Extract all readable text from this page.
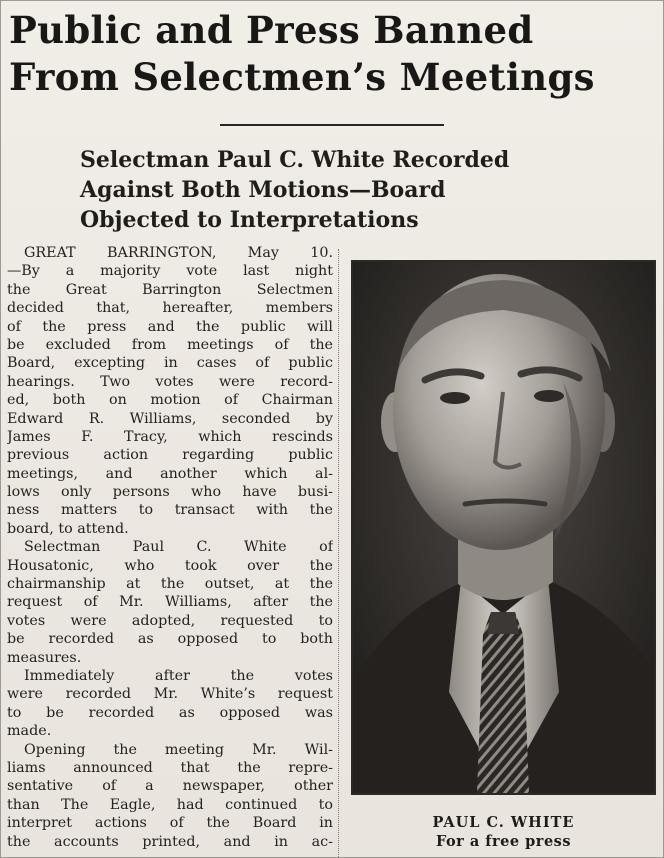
Public and Press Banned
From Selectmen’s Meetings
Selectman Paul C. White Recorded
Against Both Motions—Board
Objected to Interpretations
GREAT BARRINGTON, May 10.
—By a majority vote last night
the Great Barrington Selectmen
decided that, hereafter, members
of the press and the public will
be excluded from meetings of the
Board, excepting in cases of public
hearings. Two votes were record-
ed, both on motion of Chairman
Edward R. Williams, seconded by
James F. Tracy, which rescinds
previous action regarding public
meetings, and another which al-
lows only persons who have busi-
ness matters to transact with the
board, to attend.
Selectman Paul C. White of
Housatonic, who took over the
chairmanship at the outset, at the
request of Mr. Williams, after the
votes were adopted, requested to
be recorded as opposed to both
measures.
Immediately after the votes
were recorded Mr. White’s request
to be recorded as opposed was
made.
Opening the meeting Mr. Wil-
liams announced that the repre-
sentative of a newspaper, other
than The Eagle, had continued to
interpret actions of the Board in
the accounts printed, and in ac-
PAUL C. WHITE
For a free press
